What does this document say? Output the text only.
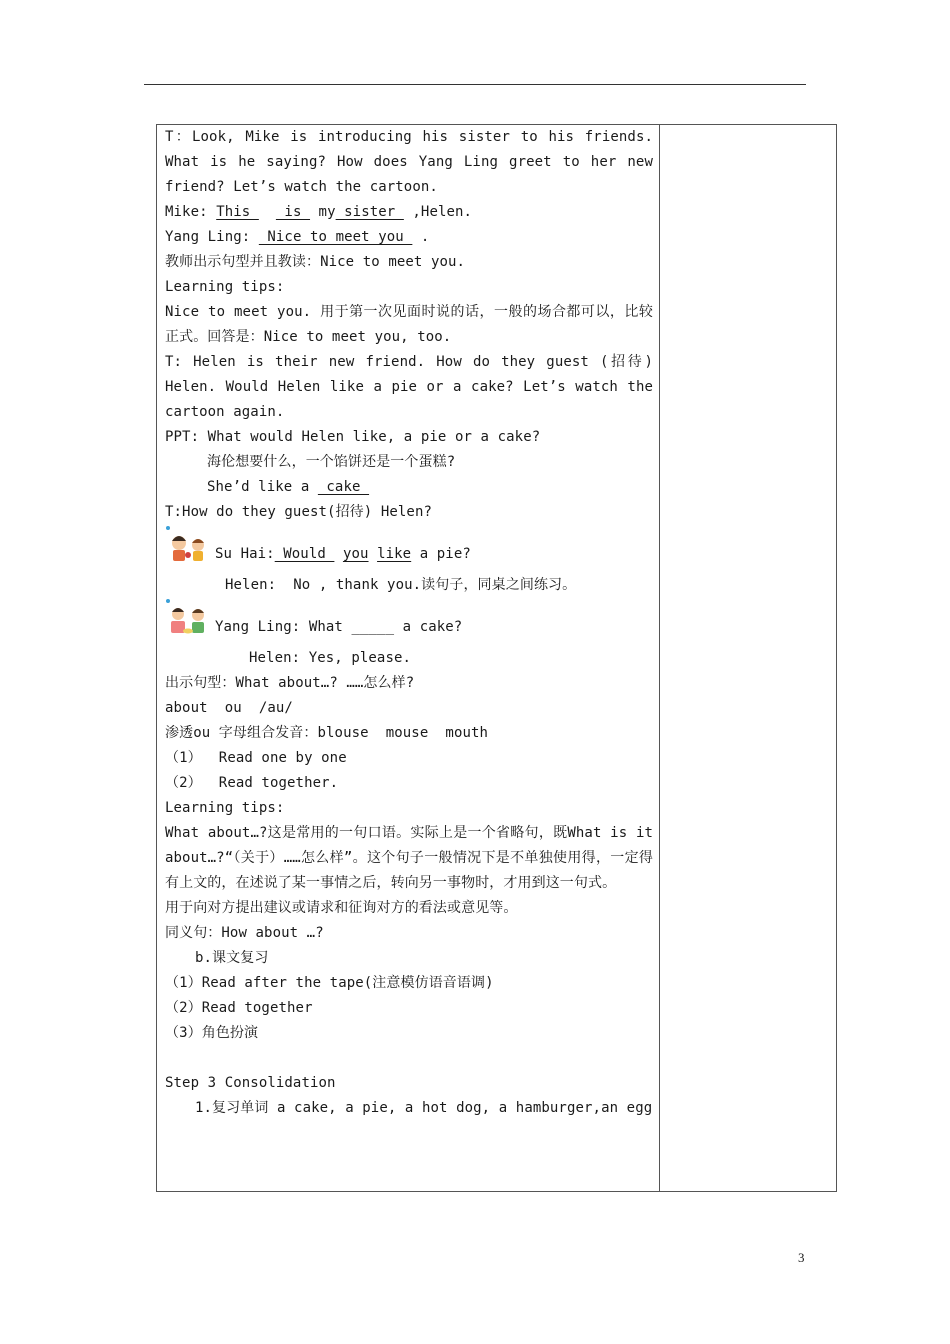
T：Look, Mike is introducing his sister to his friends. What is he saying? How does Yang Ling greet to her new friend? Let’s watch the cartoon.
Mike: This    is  my sister  ,Helen.
Yang Ling:  Nice to meet you  .
教师出示句型并且教读：Nice to meet you.
Learning tips:
Nice to meet you. 用于第一次见面时说的话，一般的场合都可以，比较正式。回答是：Nice to meet you, too.
T: Helen is their new friend. How do they guest (招待) Helen. Would Helen like a pie or a cake? Let’s watch the cartoon again.
PPT: What would Helen like, a pie or a cake?
海伦想要什么，一个馅饼还是一个蛋糕?
She’d like a  cake
T:How do they guest(招待) Helen?
Su Hai: Would  you like a pie?
Helen:  No , thank you.读句子，同桌之间练习。
Yang Ling: What _____ a cake?
Helen: Yes, please.
出示句型：What about…? ……怎么样?
about  ou  /au/
渗透ou 字母组合发音：blouse  mouse  mouth
（1）  Read one by one
（2）  Read together.
Learning tips:
What about…?这是常用的一句口语。实际上是一个省略句，既What is it about…?“（关于）……怎么样”。这个句子一般情况下是不单独使用得，一定得有上文的，在述说了某一事情之后，转向另一事物时，才用到这一句式。
用于向对方提出建议或请求和征询对方的看法或意见等。
同义句：How about …?
b.课文复习
（1）Read after the tape(注意模仿语音语调)
（2）Read together
（3）角色扮演
Step 3 Consolidation
1.复习单词 a cake, a pie, a hot dog, a hamburger,an egg
3
